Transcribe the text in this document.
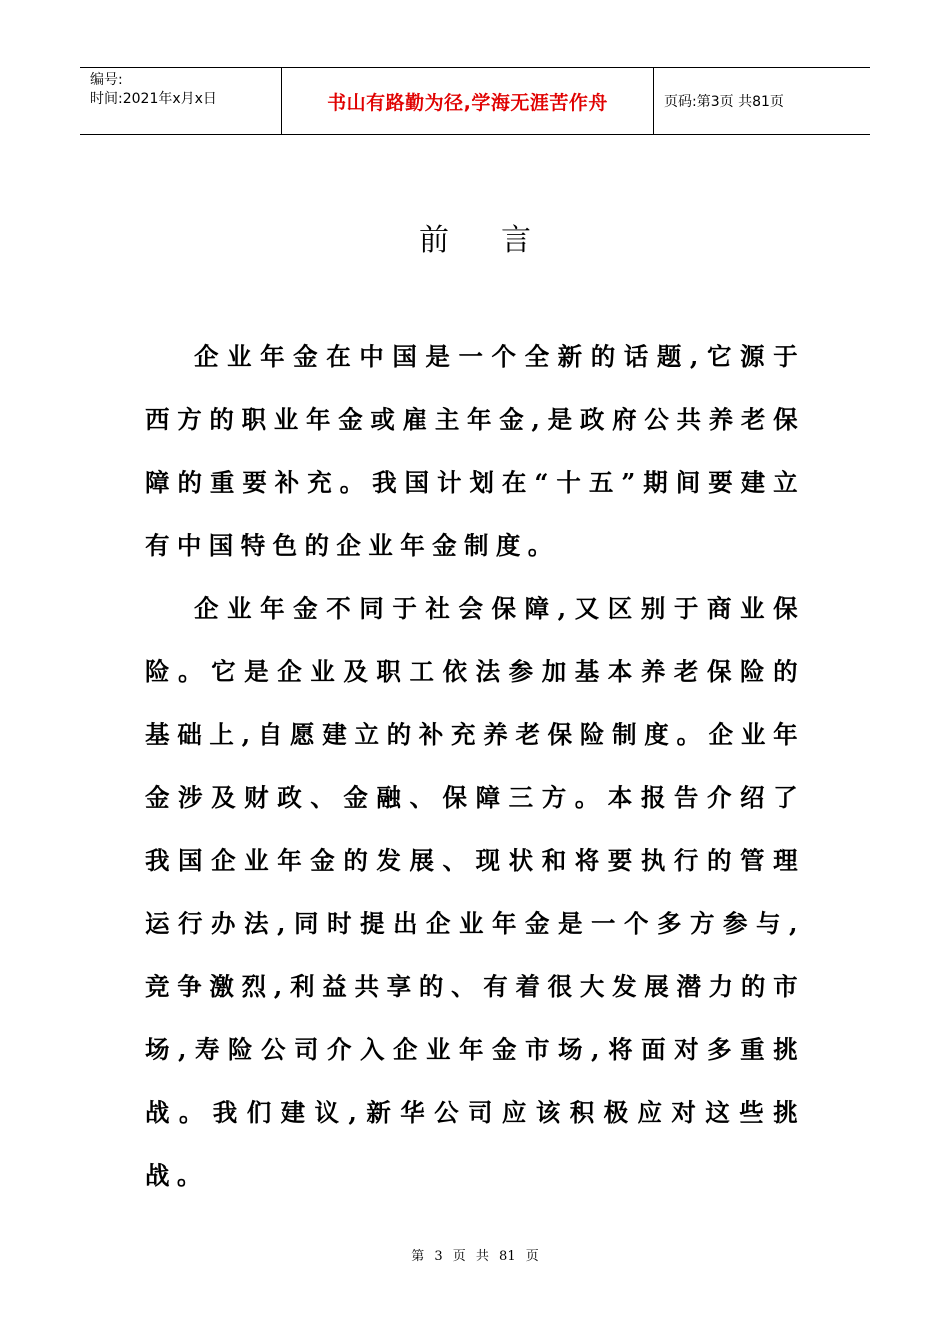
编号:
时间:2021年x月x日	书山有路勤为径,学海无涯苦作舟	页码:第3页 共81页
前言

企业年金在中国是一个全新的话题,它源于西方的职业年金或雇主年金,是政府公共养老保障的重要补充。我国计划在“十五”期间要建立有中国特色的企业年金制度。

企业年金不同于社会保障,又区别于商业保险。它是企业及职工依法参加基本养老保险的基础上,自愿建立的补充养老保险制度。企业年金涉及财政、金融、保障三方。本报告介绍了我国企业年金的发展、现状和将要执行的管理运行办法,同时提出企业年金是一个多方参与,竞争激烈,利益共享的、有着很大发展潜力的市场,寿险公司介入企业年金市场,将面对多重挑战。我们建议,新华公司应该积极应对这些挑战。

第 3 页 共 81 页
